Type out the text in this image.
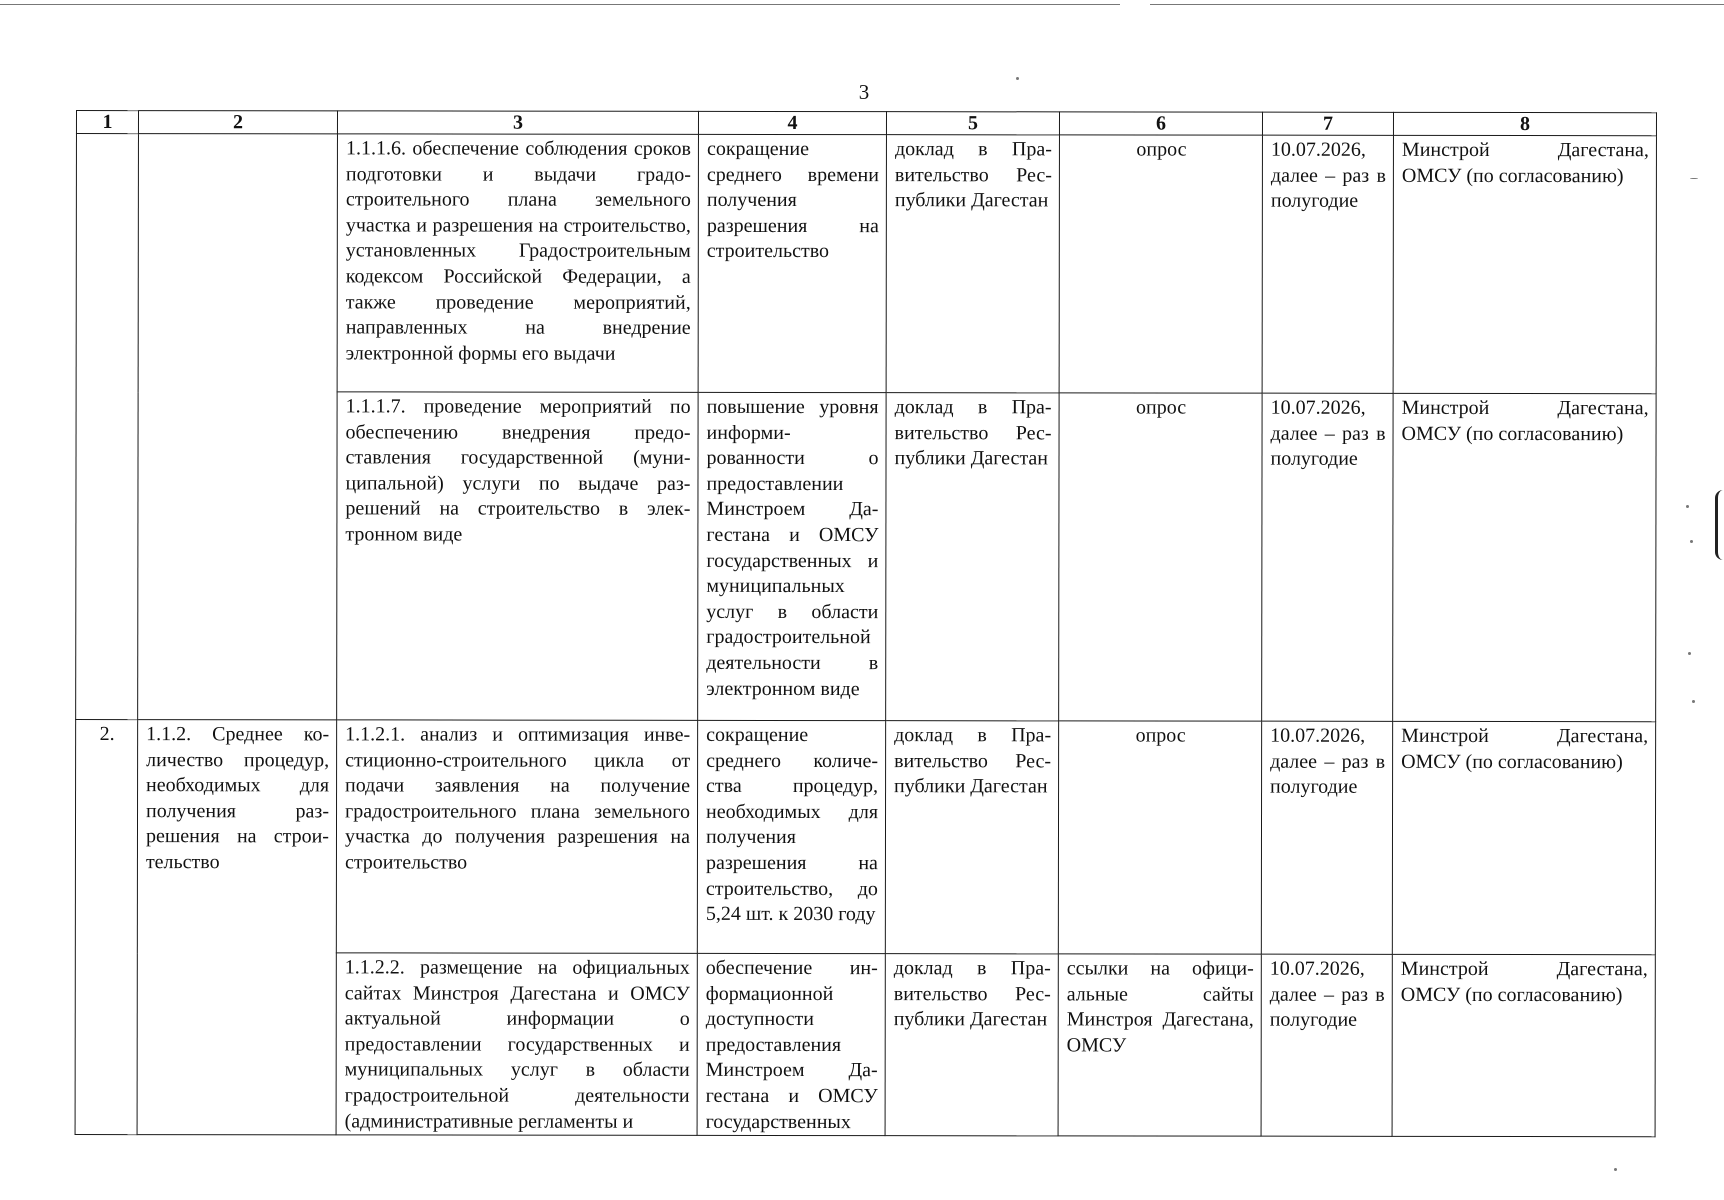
3
1	2	3	4	5	6	7	8
		1.1.1.6. обеспечение соблюдения сроков подготовки и выдачи градостроительного плана земельного участка и разрешения на строительство, установленных Градостроительным кодексом Российской Федерации, а также проведение мероприятий, направленных на внедрение электронной формы его выдачи	сокращение среднего времени получения разрешения на строительство	доклад в Правительство Республики Дагестан	опрос	10.07.2026, далее – раз в полугодие	Минстрой Дагестана, ОМСУ (по согласованию)
		1.1.1.7. проведение мероприятий по обеспечению внедрения предоставления государственной (муниципальной) услуги по выдаче разрешений на строительство в электронном виде	повышение уровня информированности о предоставлении Минстроем Дагестана и ОМСУ государственных и муниципальных услуг в области градостроительной деятельности в электронном виде	доклад в Правительство Республики Дагестан	опрос	10.07.2026, далее – раз в полугодие	Минстрой Дагестана, ОМСУ (по согласованию)
2.	1.1.2. Среднее количество процедур, необходимых для получения разрешения на строительство	1.1.2.1. анализ и оптимизация инвестиционно-строительного цикла от подачи заявления на получение градостроительного плана земельного участка до получения разрешения на строительство	сокращение среднего количества процедур, необходимых для получения разрешения на строительство, до 5,24 шт. к 2030 году	доклад в Правительство Республики Дагестан	опрос	10.07.2026, далее – раз в полугодие	Минстрой Дагестана, ОМСУ (по согласованию)
		1.1.2.2. размещение на официальных сайтах Минстроя Дагестана и ОМСУ актуальной информации о предоставлении государственных и муниципальных услуг в области градостроительной деятельности (административные регламенты и	обеспечение информационной доступности предоставления Минстроем Дагестана и ОМСУ государственных	доклад в Правительство Республики Дагестан	ссылки на официальные сайты Минстроя Дагестана, ОМСУ	10.07.2026, далее – раз в полугодие	Минстрой Дагестана, ОМСУ (по согласованию)
